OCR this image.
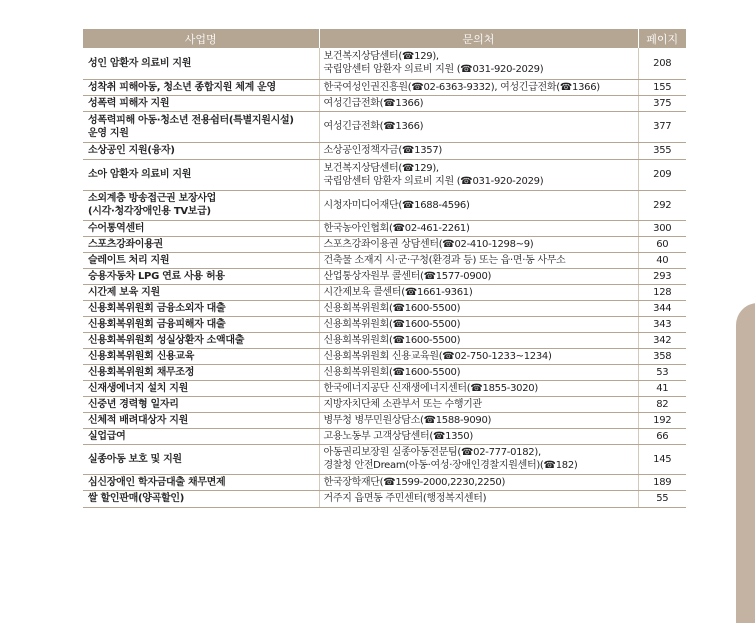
사업명	문의처	페이지

성인 암환자 의료비 지원	보건복지상담센터(☎129),
국립암센터 암환자 의료비 지원 (☎031-920-2029)	208

성착취 피해아동, 청소년 종합지원 체계 운영	한국여성인권진흥원(☎02-6363-9332), 여성긴급전화(☎1366)	155

성폭력 피해자 지원	여성긴급전화(☎1366)	375

성폭력피해 아동·청소년 전용쉼터(특별지원시설)
운영 지원	여성긴급전화(☎1366)	377

소상공인 지원(융자)	소상공인정책자금(☎1357)	355

소아 암환자 의료비 지원	보건복지상담센터(☎129),
국립암센터 암환자 의료비 지원 (☎031-920-2029)	209

소외계층 방송접근권 보장사업
(시각·청각장애인용 TV보급)	시청자미디어재단(☎1688-4596)	292

수어통역센터	한국농아인협회(☎02-461-2261)	300

스포츠강좌이용권	스포츠강좌이용권 상담센터(☎02-410-1298~9)	60

슬레이트 처리 지원	건축물 소재지 시·군·구청(환경과 등) 또는 읍·면·동 사무소	40

승용자동차 LPG 연료 사용 허용	산업통상자원부 콜센터(☎1577-0900)	293

시간제 보육 지원	시간제보육 콜센터(☎1661-9361)	128

신용회복위원회 금융소외자 대출	신용회복위원회(☎1600-5500)	344

신용회복위원회 금융피해자 대출	신용회복위원회(☎1600-5500)	343

신용회복위원회 성실상환자 소액대출	신용회복위원회(☎1600-5500)	342

신용회복위원회 신용교육	신용회복위원회 신용교육원(☎02-750-1233~1234)	358

신용회복위원회 채무조정	신용회복위원회(☎1600-5500)	53

신재생에너지 설치 지원	한국에너지공단 신재생에너지센터(☎1855-3020)	41

신중년 경력형 일자리	지방자치단체 소관부서 또는 수행기관	82

신체적 배려대상자 지원	병무청 병무민원상담소(☎1588-9090)	192

실업급여	고용노동부 고객상담센터(☎1350)	66

실종아동 보호 및 지원	아동권리보장원 실종아동전문팀(☎02-777-0182),
경찰청 안전Dream(아동·여성·장애인경찰지원센터)(☎182)	145

심신장애인 학자금대출 채무면제	한국장학재단(☎1599-2000,2230,2250)	189

쌀 할인판매(양곡할인)	거주지 읍면동 주민센터(행정복지센터)	55
